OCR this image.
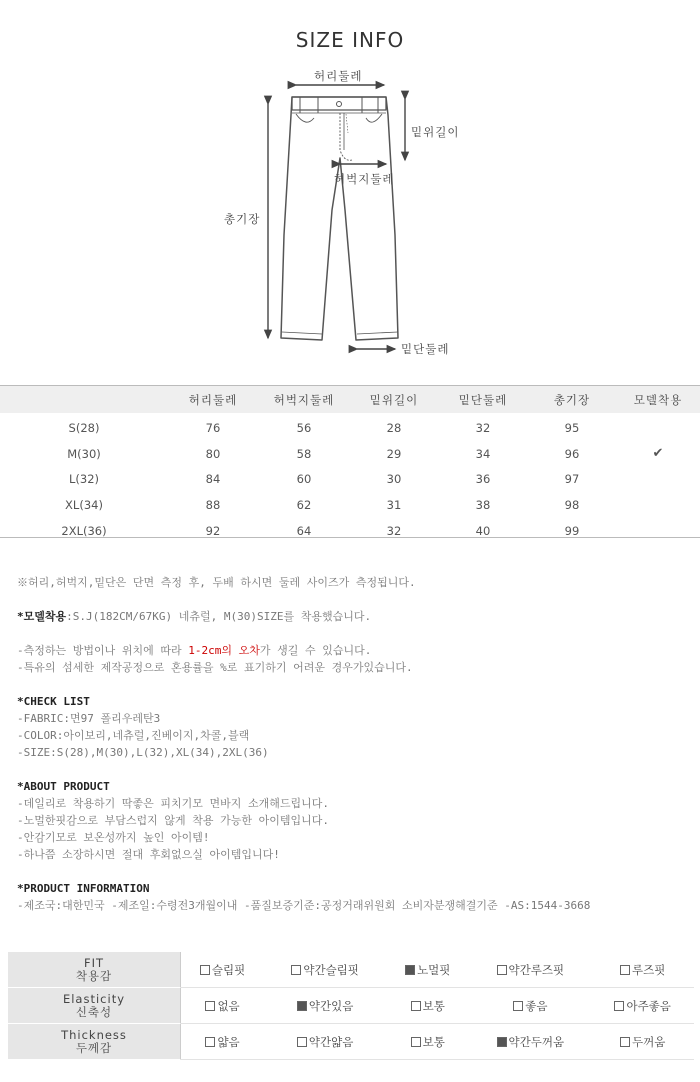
SIZE INFO
허리둘레
밑위길이
허벅지둘레
총기장
밑단둘레
	허리둘레	허벅지둘레	밑위길이	밑단둘레	총기장	모델착용
S(28)	76	56	28	32	95	
M(30)	80	58	29	34	96	✔
L(32)	84	60	30	36	97	
XL(34)	88	62	31	38	98	
2XL(36)	92	64	32	40	99	

※허리,허벅지,밑단은 단면 측정 후, 두배 하시면 둘레 사이즈가 측정됩니다.

*모델착용:S.J(182CM/67KG) 네츄럴, M(30)SIZE를 착용했습니다.

-측정하는 방법이나 위치에 따라 1-2cm의 오차가 생길 수 있습니다.

-특유의 섬세한 제작공정으로 혼용률을 %로 표기하기 어려운 경우가있습니다.

*CHECK LIST

-FABRIC:면97 폴리우레탄3

-COLOR:아이보리,네츄럴,진베이지,차콜,블랙

-SIZE:S(28),M(30),L(32),XL(34),2XL(36)

*ABOUT PRODUCT

-데일리로 착용하기 딱좋은 피치기모 면바지 소개해드립니다.

-노멀한핏감으로 부담스럽지 않게 착용 가능한 아이템입니다.

-안감기모로 보온성까지 높인 아이템!

-하나쯤 소장하시면 절대 후회없으실 아이템입니다!

*PRODUCT INFORMATION

-제조국:대한민국 -제조일:수령전3개월이내 -품질보증기준:공정거래위원회 소비자분쟁해결기준 -AS:1544-3668

FIT
착용감	슬림핏	약간슬림핏	노멀핏	약간루즈핏	루즈핏

Elasticity
신축성	없음	약간있음	보통	좋음	아주좋음

Thickness
두께감	얇음	약간얇음	보통	약간두꺼움	두꺼움
